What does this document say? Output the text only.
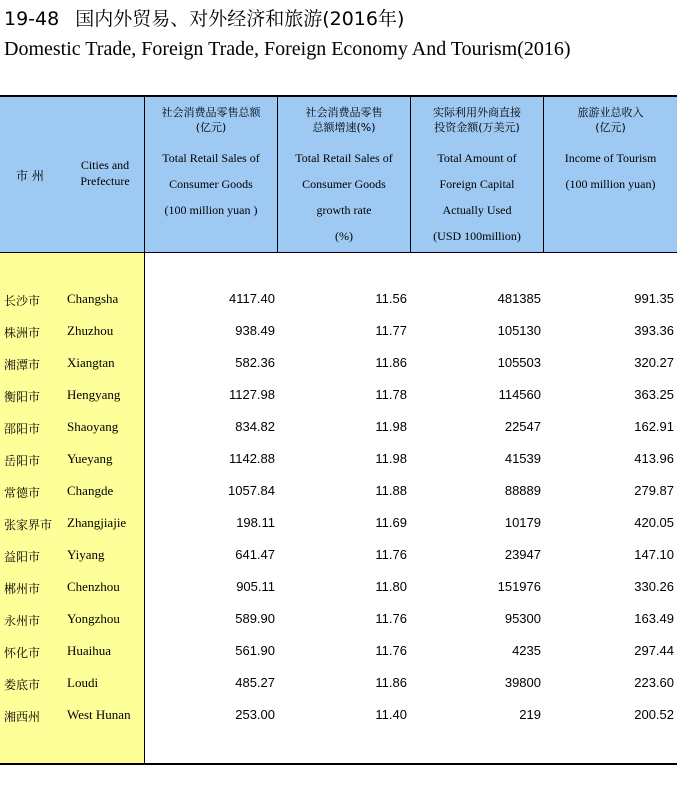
19-48 国内外贸易、对外经济和旅游(2016年)
Domestic Trade, Foreign Trade, Foreign Economy And Tourism(2016)
市 州
Cities and
Prefecture
社会消费品零售总额
(亿元)
Total Retail Sales of
Consumer Goods
(100 million yuan )
社会消费品零售
总额增速(%)
Total Retail Sales of
Consumer Goods
growth rate
(%)
实际利用外商直接
投资金额(万美元)
Total Amount of
Foreign Capital
Actually Used
(USD 100million)
旅游业总收入
(亿元)
Income of Tourism
(100 million yuan)
长沙市 Changsha	4117.40	11.56	481385	991.35
株洲市 Zhuzhou	938.49	11.77	105130	393.36
湘潭市 Xiangtan	582.36	11.86	105503	320.27
衡阳市 Hengyang	1127.98	11.78	114560	363.25
邵阳市 Shaoyang	834.82	11.98	22547	162.91
岳阳市 Yueyang	1142.88	11.98	41539	413.96
常德市 Changde	1057.84	11.88	88889	279.87
张家界市 Zhangjiajie	198.11	11.69	10179	420.05
益阳市 Yiyang	641.47	11.76	23947	147.10
郴州市 Chenzhou	905.11	11.80	151976	330.26
永州市 Yongzhou	589.90	11.76	95300	163.49
怀化市 Huaihua	561.90	11.76	4235	297.44
娄底市 Loudi	485.27	11.86	39800	223.60
湘西州 West Hunan	253.00	11.40	219	200.52
